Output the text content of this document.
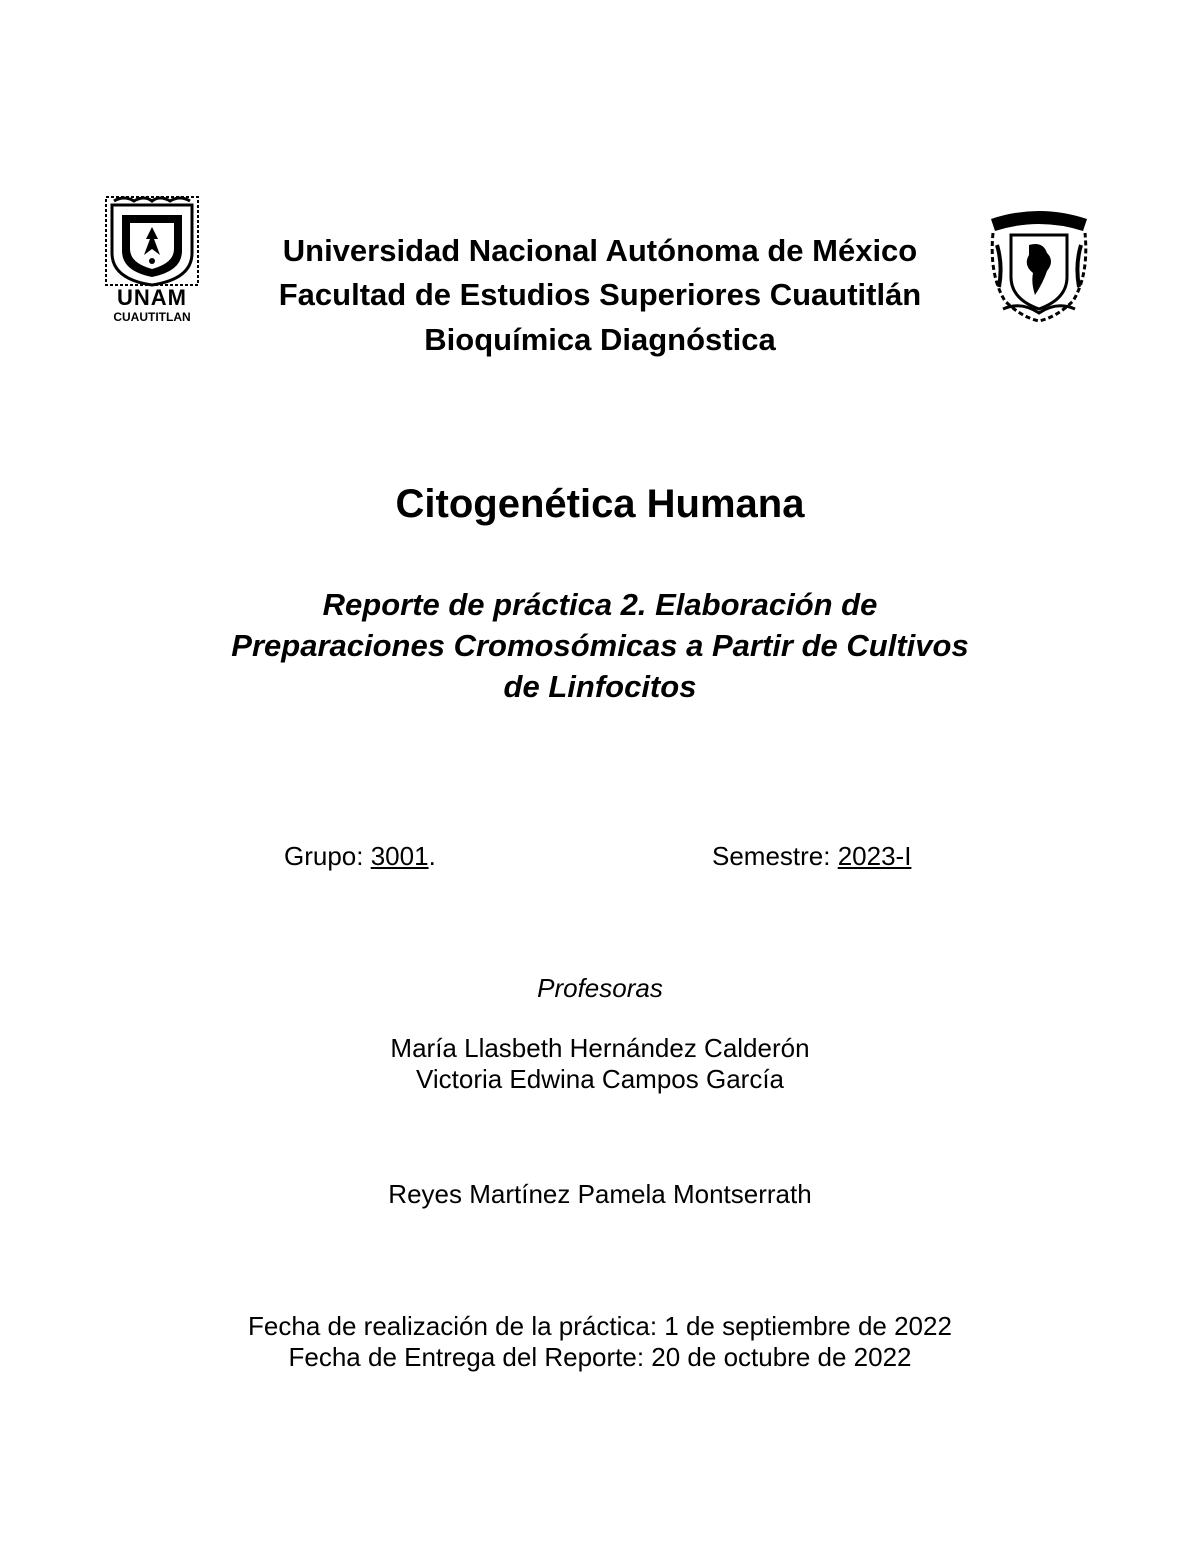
UNAM
CUAUTITLAN
Universidad Nacional Autónoma de México
Facultad de Estudios Superiores Cuautitlán
Bioquímica Diagnóstica
Citogenética Humana
Reporte de práctica 2. Elaboración de
Preparaciones Cromosómicas a Partir de Cultivos
de Linfocitos
Grupo: 3001.	Semestre: 2023-I
Profesoras
María Llasbeth Hernández Calderón
Victoria Edwina Campos García
Reyes Martínez Pamela Montserrath
Fecha de realización de la práctica: 1 de septiembre de 2022
Fecha de Entrega del Reporte: 20 de octubre de 2022
